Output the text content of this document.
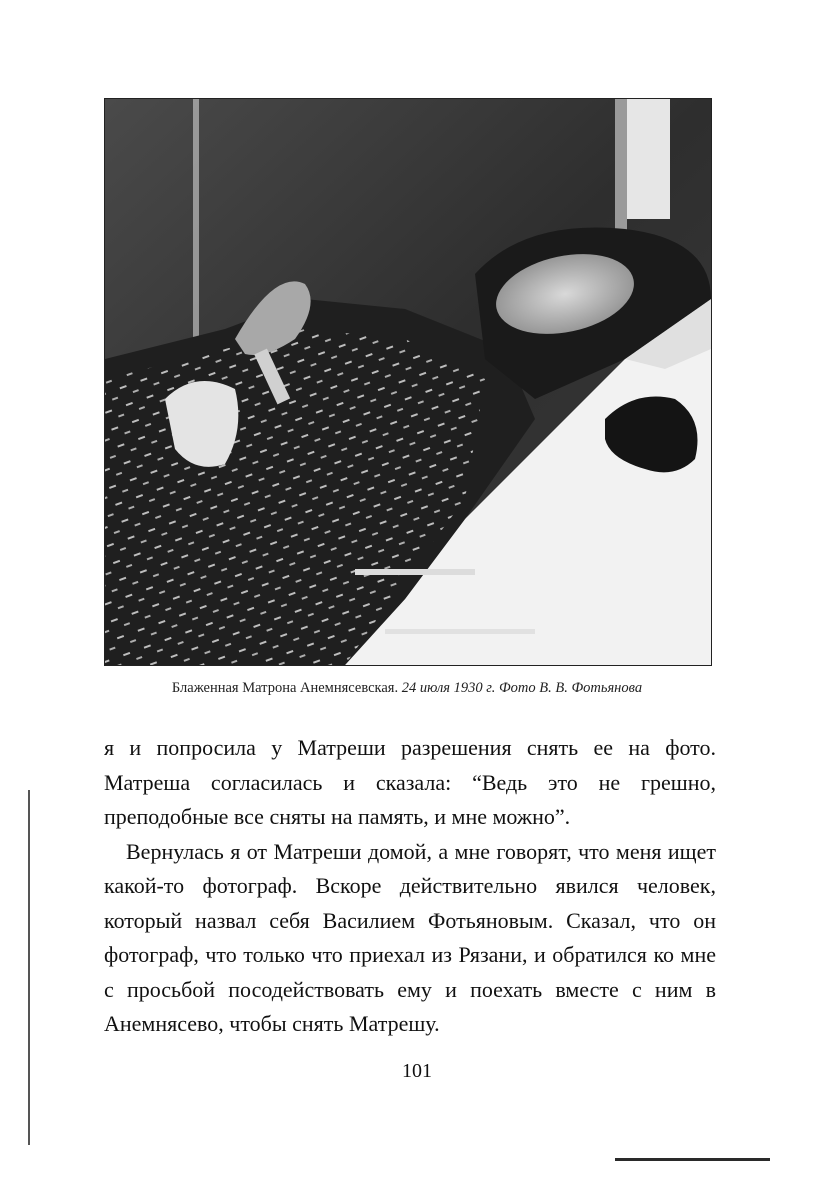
Блаженная Матрона Анемнясевская. 24 июля 1930 г. Фото В. В. Фотьянова

я и попросила у Матреши разрешения снять ее на фото. Матреша согласилась и сказала: “Ведь это не грешно, преподобные все сняты на память, и мне можно”.

Вернулась я от Матреши домой, а мне говорят, что меня ищет какой-то фотограф. Вскоре действительно явился человек, который назвал себя Василием Фотьяновым. Сказал, что он фотограф, что только что приехал из Рязани, и обратился ко мне с просьбой посодействовать ему и поехать вместе с ним в Анемнясево, чтобы снять Матрешу.

101
